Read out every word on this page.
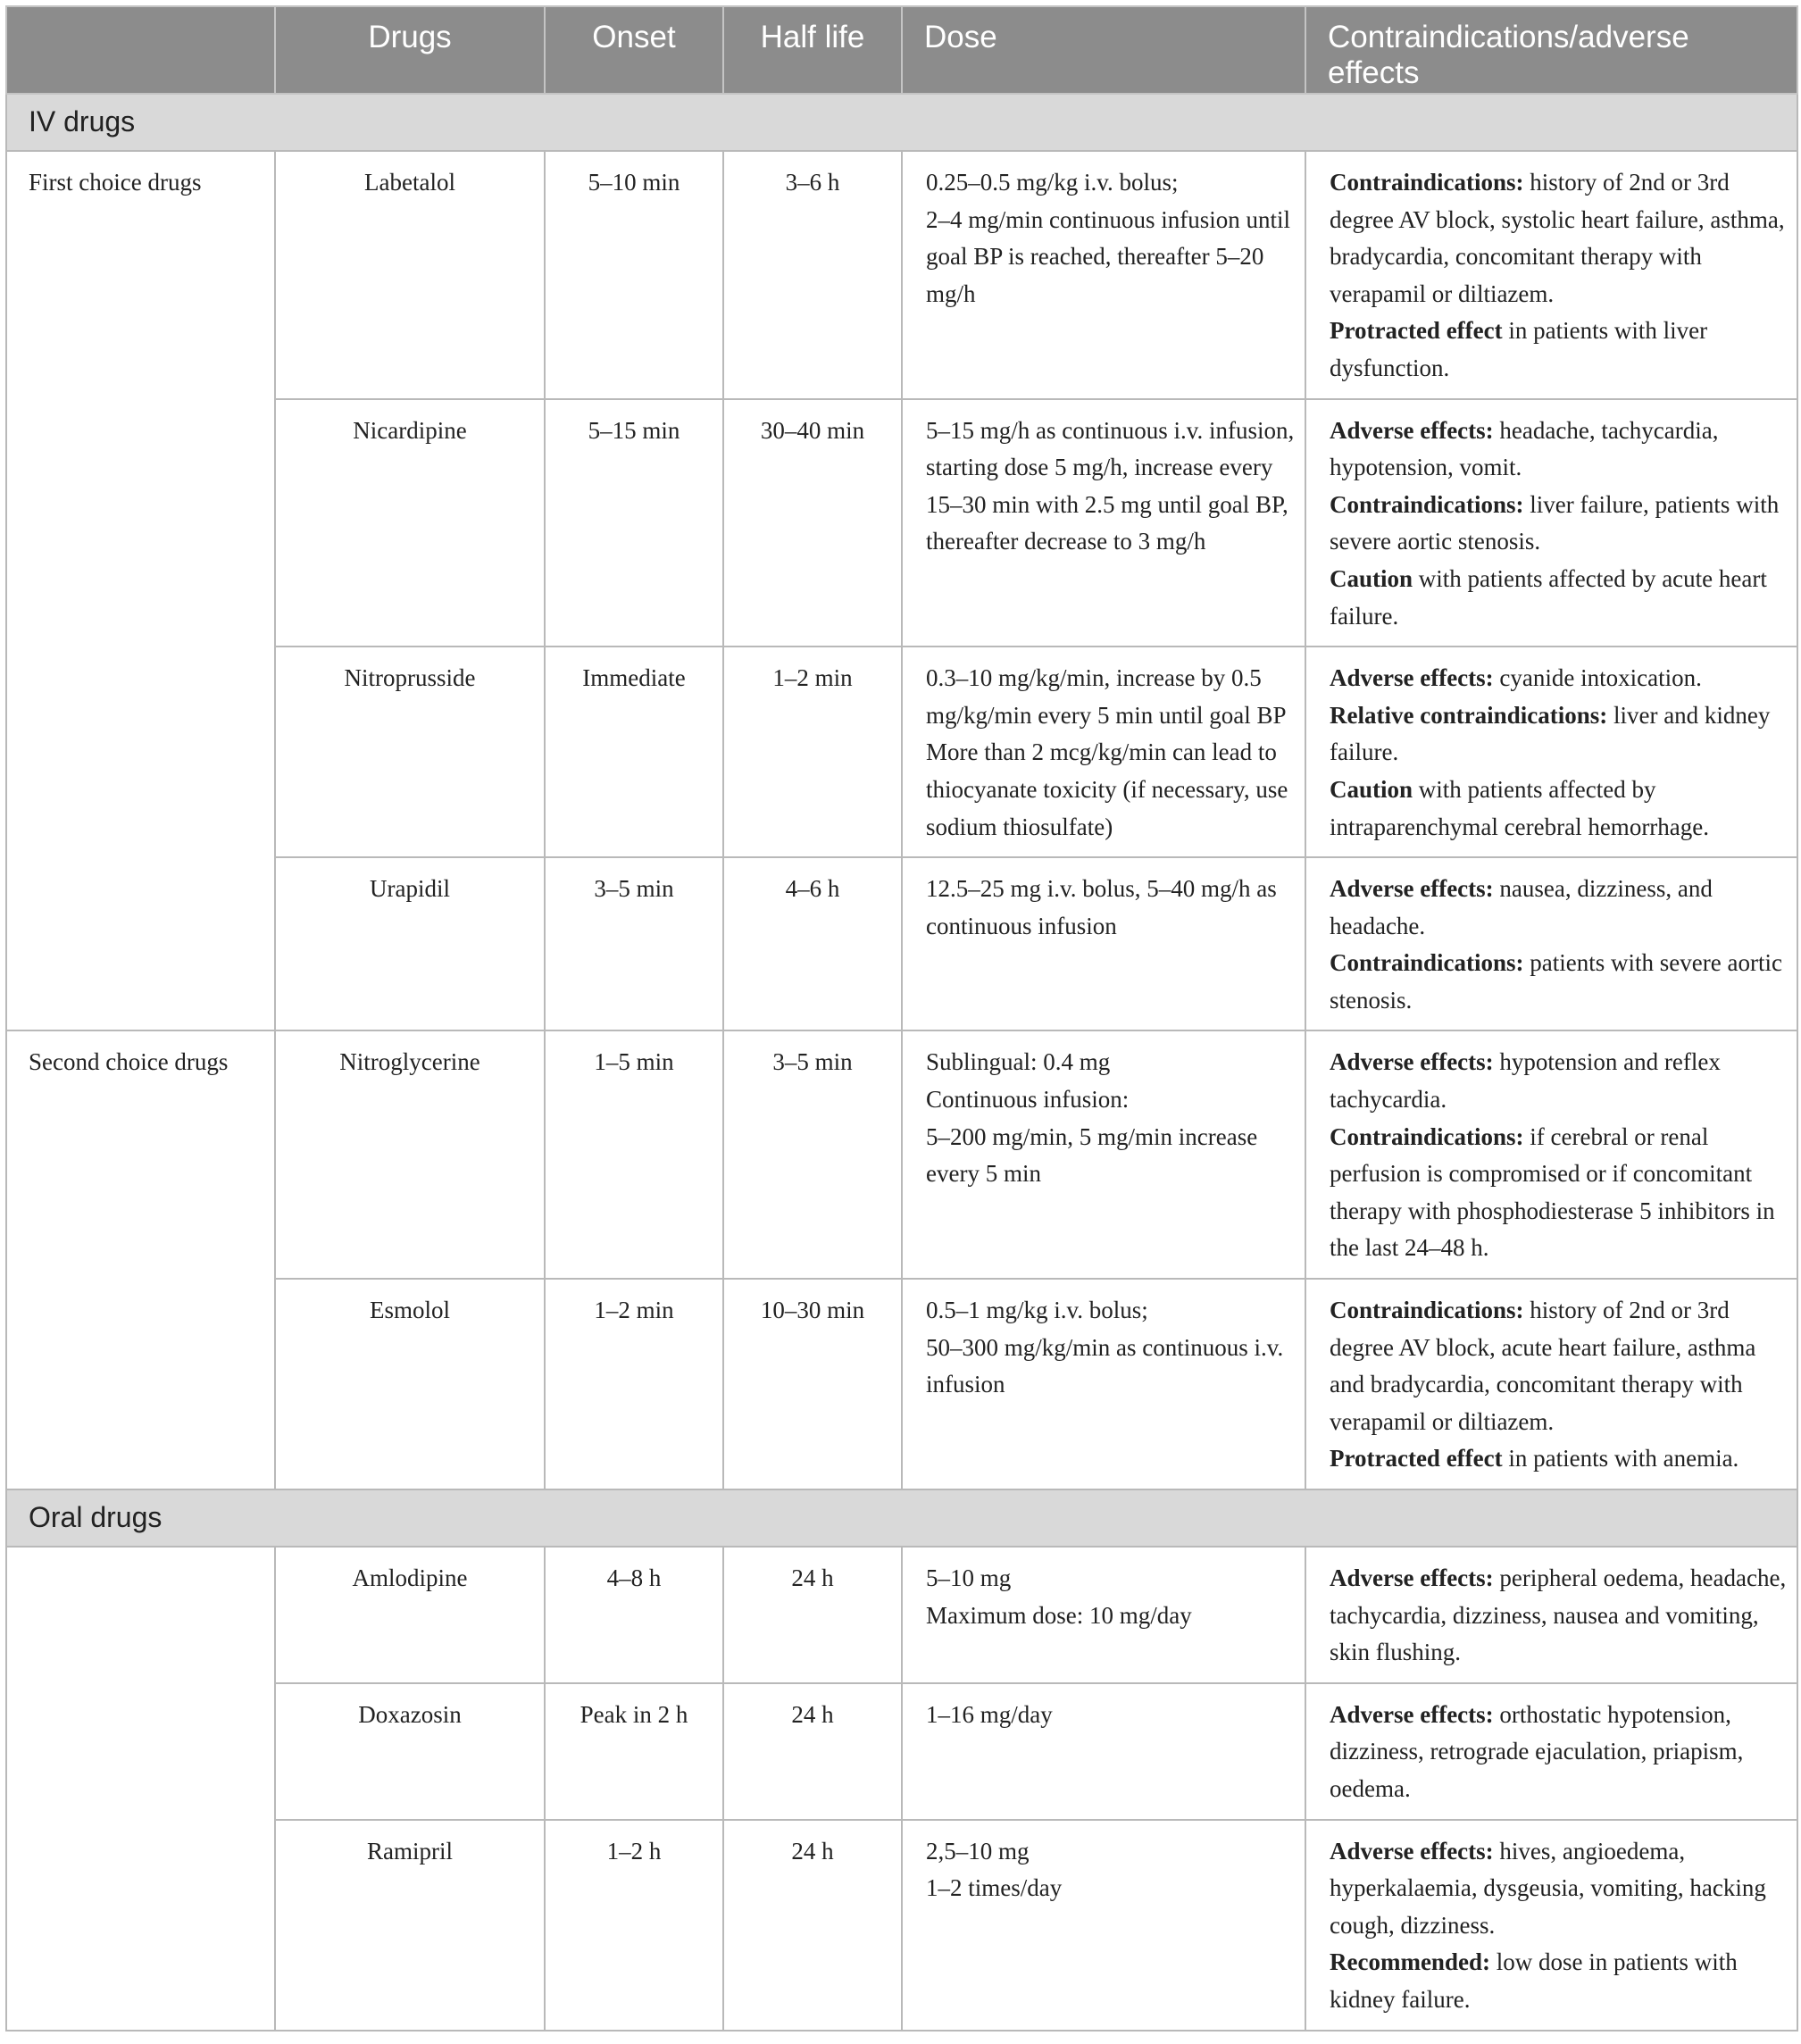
	Drugs	Onset	Half life	Dose	Contraindications/adverse effects
IV drugs					
First choice drugs	Labetalol	5–10 min	3–6 h	0.25–0.5 mg/kg i.v. bolus;
2–4 mg/min continuous infusion until goal BP is reached, thereafter 5–20 mg/h	Contraindications: history of 2nd or 3rd degree AV block, systolic heart failure, asthma, bradycardia, concomitant therapy with verapamil or diltiazem.
Protracted effect in patients with liver dysfunction.

	Nicardipine	5–15 min	30–40 min	5–15 mg/h as continuous i.v. infusion, starting dose 5 mg/h, increase every 15–30 min with 2.5 mg until goal BP, thereafter decrease to 3 mg/h	Adverse effects: headache, tachycardia, hypotension, vomit.
Contraindications: liver failure, patients with severe aortic stenosis.
Caution with patients affected by acute heart failure.

	Nitroprusside	Immediate	1–2 min	0.3–10 mg/kg/min, increase by 0.5 mg/kg/min every 5 min until goal BP
More than 2 mcg/kg/min can lead to thiocyanate toxicity (if necessary, use sodium thiosulfate)	Adverse effects: cyanide intoxication.
Relative contraindications: liver and kidney failure.
Caution with patients affected by intraparenchymal cerebral hemorrhage.

	Urapidil	3–5 min	4–6 h	12.5–25 mg i.v. bolus, 5–40 mg/h as continuous infusion	Adverse effects: nausea, dizziness, and headache.
Contraindications: patients with severe aortic stenosis.

Second choice drugs	Nitroglycerine	1–5 min	3–5 min	Sublingual: 0.4 mg
Continuous infusion:
5–200 mg/min, 5 mg/min increase every 5 min	Adverse effects: hypotension and reflex tachycardia.
Contraindications: if cerebral or renal perfusion is compromised or if concomitant therapy with phosphodiesterase 5 inhibitors in the last 24–48 h.

	Esmolol	1–2 min	10–30 min	0.5–1 mg/kg i.v. bolus;
50–300 mg/kg/min as continuous i.v. infusion	Contraindications: history of 2nd or 3rd degree AV block, acute heart failure, asthma and bradycardia, concomitant therapy with verapamil or diltiazem.
Protracted effect in patients with anemia.

Oral drugs					
	Amlodipine	4–8 h	24 h	5–10 mg
Maximum dose: 10 mg/day	Adverse effects: peripheral oedema, headache, tachycardia, dizziness, nausea and vomiting, skin flushing.

	Doxazosin	Peak in 2 h	24 h	1–16 mg/day	Adverse effects: orthostatic hypotension, dizziness, retrograde ejaculation, priapism, oedema.

	Ramipril	1–2 h	24 h	2,5–10 mg
1–2 times/day	Adverse effects: hives, angioedema, hyperkalaemia, dysgeusia, vomiting, hacking cough, dizziness.
Recommended: low dose in patients with kidney failure.
